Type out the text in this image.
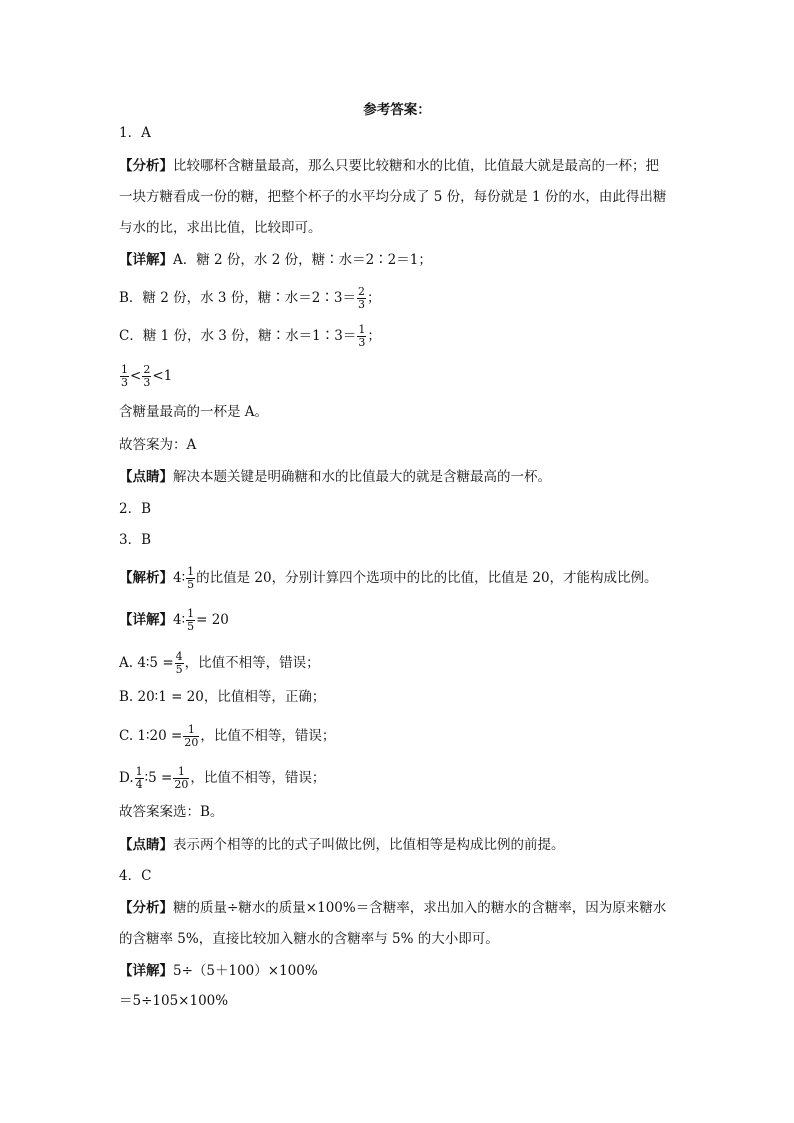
参考答案：
1．A
【分析】比较哪杯含糖量最高，那么只要比较糖和水的比值，比值最大就是最高的一杯；把
一块方糖看成一份的糖，把整个杯子的水平均分成了 5 份，每份就是 1 份的水，由此得出糖
与水的比，求出比值，比较即可。
【详解】A．糖 2 份，水 2 份，糖∶水＝2∶2＝1；
B．糖 2 份，水 3 份，糖∶水＝2∶3＝ $\frac{2}{3}$ ；
C．糖 1 份，水 3 份，糖∶水＝1∶3＝ $\frac{1}{3}$ ；
$\frac{1}{3} < \frac{2}{3} <1$
含糖量最高的一杯是 A。
故答案为：A
【点睛】解决本题关键是明确糖和水的比值最大的就是含糖最高的一杯。
2．B
3．B
【解析】4∶ $\frac{1}{5}$ 的比值是 20，分别计算四个选项中的比的比值，比值是 20，才能构成比例。
【详解】4∶ $\frac{1}{5} = 20$
A. 4∶5 = $\frac{4}{5}$ ，比值不相等，错误；
B. 20∶1 = 20，比值相等，正确；
C. 1∶20 = $\frac{1}{20}$ ，比值不相等，错误；
D. $\frac{1}{4}$ ∶5 = $\frac{1}{20}$ ，比值不相等，错误；
故答案案选：B。
【点睛】表示两个相等的比的式子叫做比例，比值相等是构成比例的前提。
4．C
【分析】糖的质量÷糖水的质量×100%＝含糖率，求出加入的糖水的含糖率，因为原来糖水
的含糖率 5%，直接比较加入糖水的含糖率与 5% 的大小即可。
【详解】5÷（5＋100）×100%
＝5÷105×100%
